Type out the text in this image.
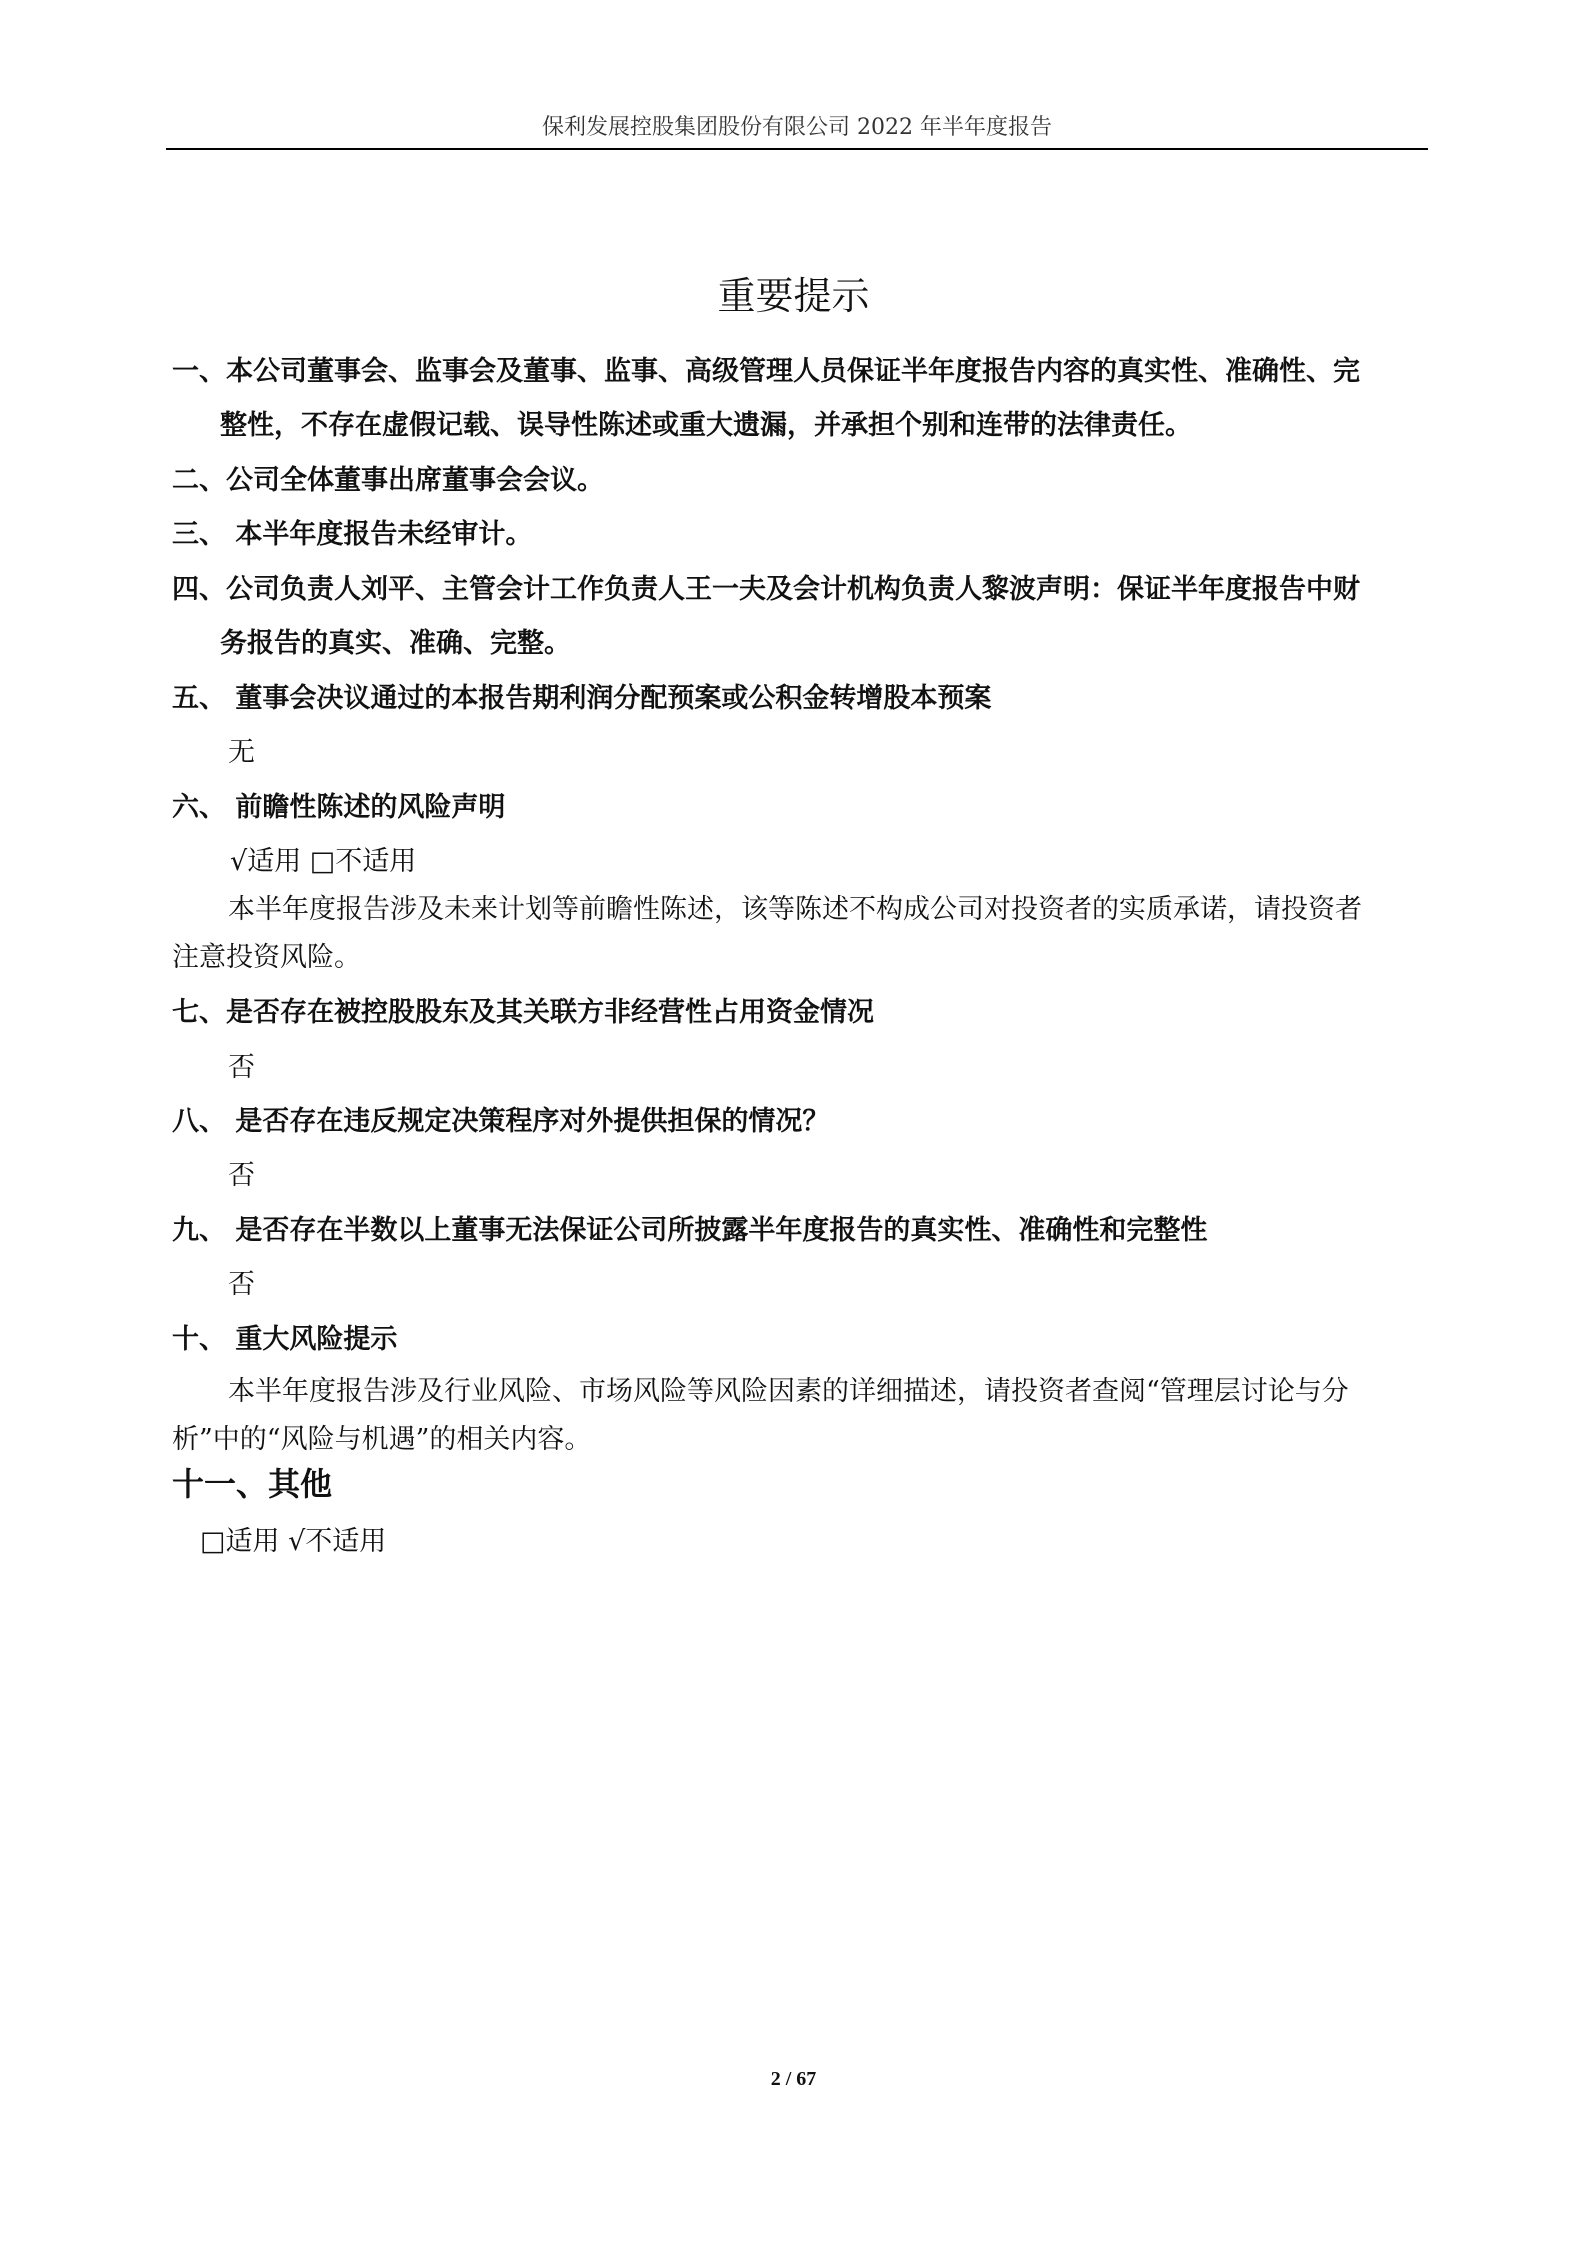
保利发展控股集团股份有限公司 2022 年半年度报告
重要提示
一、本公司董事会、监事会及董事、监事、高级管理人员保证半年度报告内容的真实性、准确性、完
整性，不存在虚假记载、误导性陈述或重大遗漏，并承担个别和连带的法律责任。
二、公司全体董事出席董事会会议。
三、 本半年度报告未经审计。
四、公司负责人刘平、主管会计工作负责人王一夫及会计机构负责人黎波声明：保证半年度报告中财
务报告的真实、准确、完整。
五、 董事会决议通过的本报告期利润分配预案或公积金转增股本预案
无
六、 前瞻性陈述的风险声明
√适用 □不适用
本半年度报告涉及未来计划等前瞻性陈述，该等陈述不构成公司对投资者的实质承诺，请投资者
注意投资风险。
七、是否存在被控股股东及其关联方非经营性占用资金情况
否
八、 是否存在违反规定决策程序对外提供担保的情况？
否
九、 是否存在半数以上董事无法保证公司所披露半年度报告的真实性、准确性和完整性
否
十、 重大风险提示
本半年度报告涉及行业风险、市场风险等风险因素的详细描述，请投资者查阅“管理层讨论与分
析”中的“风险与机遇”的相关内容。
十一、其他
□适用 √不适用
2 / 67
